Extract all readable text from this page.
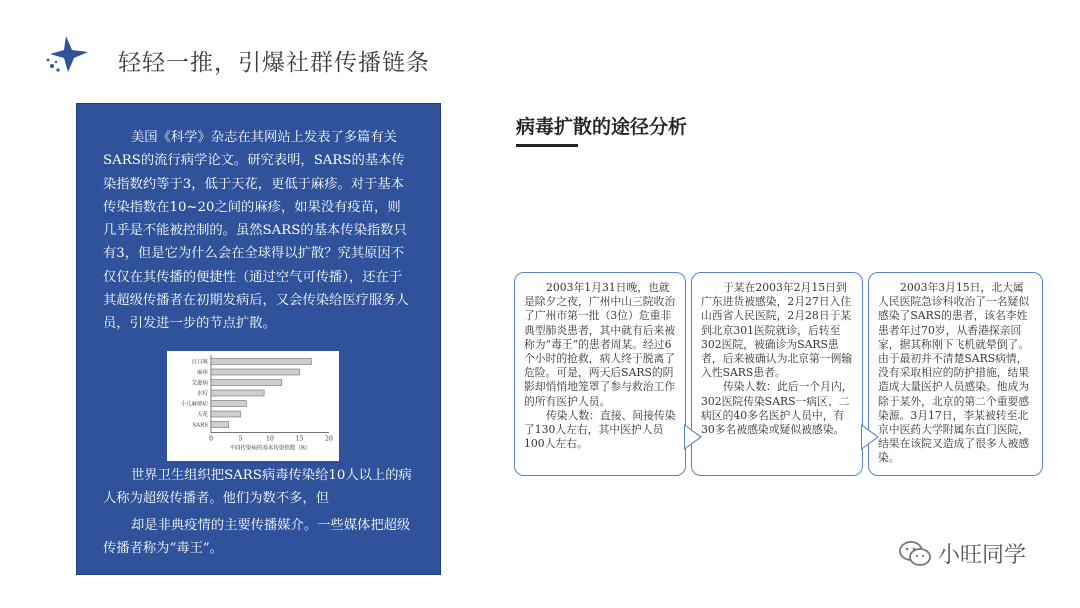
轻轻一推，引爆社群传播链条

美国《科学》杂志在其网站上发表了多篇有关SARS的流行病学论文。研究表明，SARS的基本传染指数约等于3，低于天花，更低于麻疹。对于基本传染指数在10~20之间的麻疹，如果没有疫苗，则几乎是不能被控制的。虽然SARS的基本传染指数只有3，但是它为什么会在全球得以扩散？究其原因不仅仅在其传播的便捷性（通过空气可传播），还在于其超级传播者在初期发病后，又会传染给医疗服务人员，引发进一步的节点扩散。

百日咳
麻疹
艾滋病
水痘
小儿麻痹症
天花
SARS
0	5	10	15	20
不同传染病的基本传染指数（R）

世界卫生组织把SARS病毒传染给10人以上的病人称为超级传播者。他们为数不多，但

却是非典疫情的主要传播媒介。一些媒体把超级传播者称为“毒王”。

病毒扩散的途径分析

2003年1月31日晚，也就是除夕之夜，广州中山三院收治了广州市第一批（3位）危重非典型肺炎患者，其中就有后来被称为“毒王”的患者周某。经过6个小时的抢救，病人终于脱离了危险。可是，两天后SARS的阴影却悄悄地笼罩了参与救治工作的所有医护人员。

传染人数：直接、间接传染了130人左右，其中医护人员100人左右。

于某在2003年2月15日到广东进货被感染，2月27日入住山西省人民医院，2月28日于某到北京301医院就诊，后转至302医院，被确诊为SARS患者，后来被确认为北京第一例输入性SARS患者。

传染人数：此后一个月内，302医院传染SARS一病区、二病区的40多名医护人员中，有30多名被感染或疑似被感染。

2003年3月15日，北大属人民医院急诊科收治了一名疑似感染了SARS的患者，该名李姓患者年过70岁，从香港探亲回家，据其称刚下飞机就晕倒了。由于最初并不清楚SARS病情，没有采取相应的防护措施，结果造成大量医护人员感染。他成为除于某外，北京的第二个重要感染源。3月17日，李某被转至北京中医药大学附属东直门医院，结果在该院又造成了很多人被感染。

小旺同学
